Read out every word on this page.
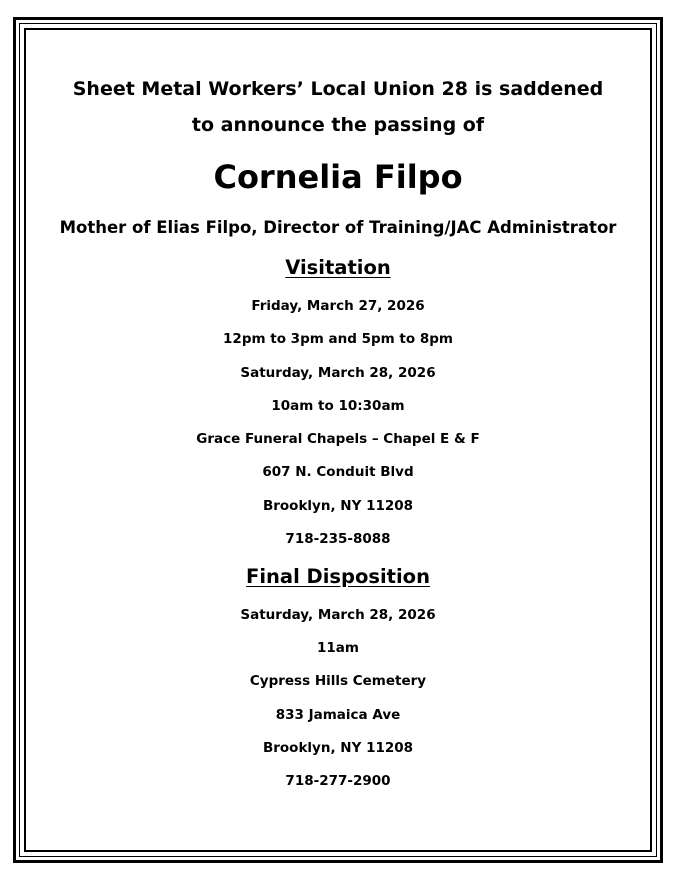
Sheet Metal Workers’ Local Union 28 is saddened
to announce the passing of
Cornelia Filpo
Mother of Elias Filpo, Director of Training/JAC Administrator
Visitation
Friday, March 27, 2026
12pm to 3pm and 5pm to 8pm
Saturday, March 28, 2026
10am to 10:30am
Grace Funeral Chapels – Chapel E & F
607 N. Conduit Blvd
Brooklyn, NY 11208
718-235-8088
Final Disposition
Saturday, March 28, 2026
11am
Cypress Hills Cemetery
833 Jamaica Ave
Brooklyn, NY 11208
718-277-2900
